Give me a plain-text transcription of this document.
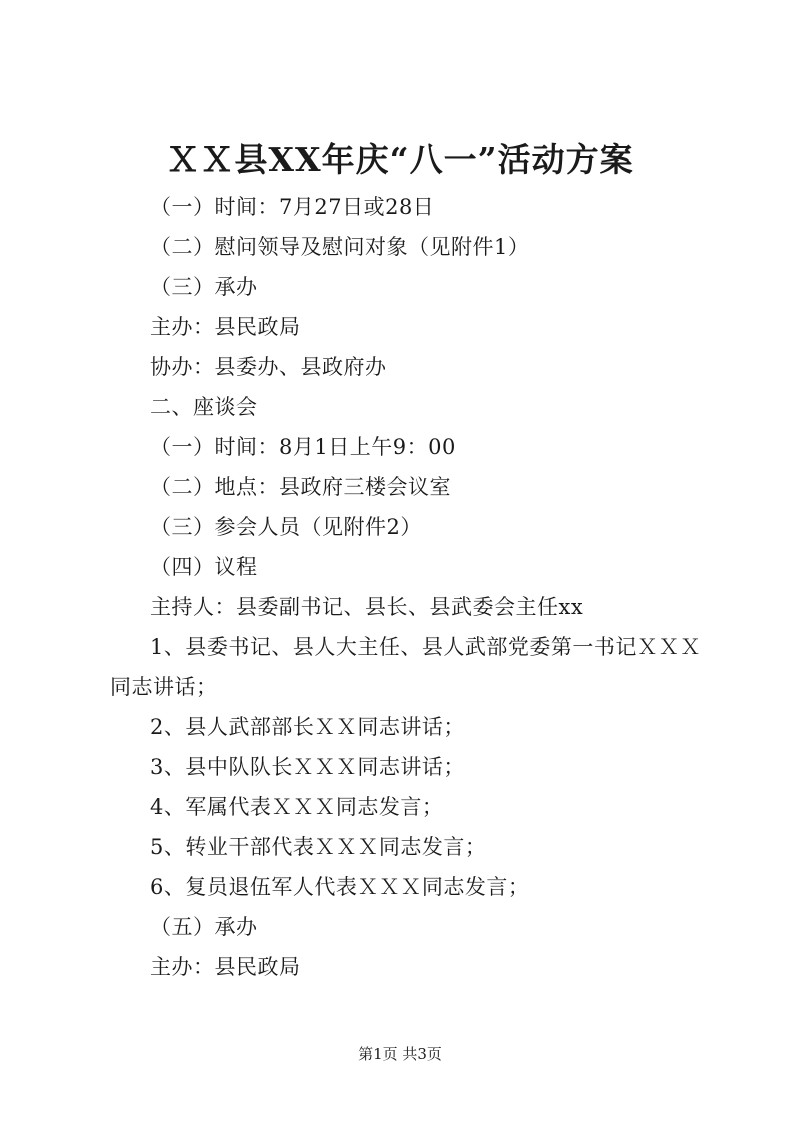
ＸＸ县XX年庆“八一”活动方案
（一）时间：7月27日或28日
（二）慰问领导及慰问对象（见附件1）
（三）承办
主办：县民政局
协办：县委办、县政府办
二、座谈会
（一）时间：8月1日上午9：00
（二）地点：县政府三楼会议室
（三）参会人员（见附件2）
（四）议程
主持人：县委副书记、县长、县武委会主任xx
1、县委书记、县人大主任、县人武部党委第一书记ＸＸＸ
同志讲话；
2、县人武部部长ＸＸ同志讲话；
3、县中队队长ＸＸＸ同志讲话；
4、军属代表ＸＸＸ同志发言；
5、转业干部代表ＸＸＸ同志发言；
6、复员退伍军人代表ＸＸＸ同志发言；
（五）承办
主办：县民政局
第1页 共3页
